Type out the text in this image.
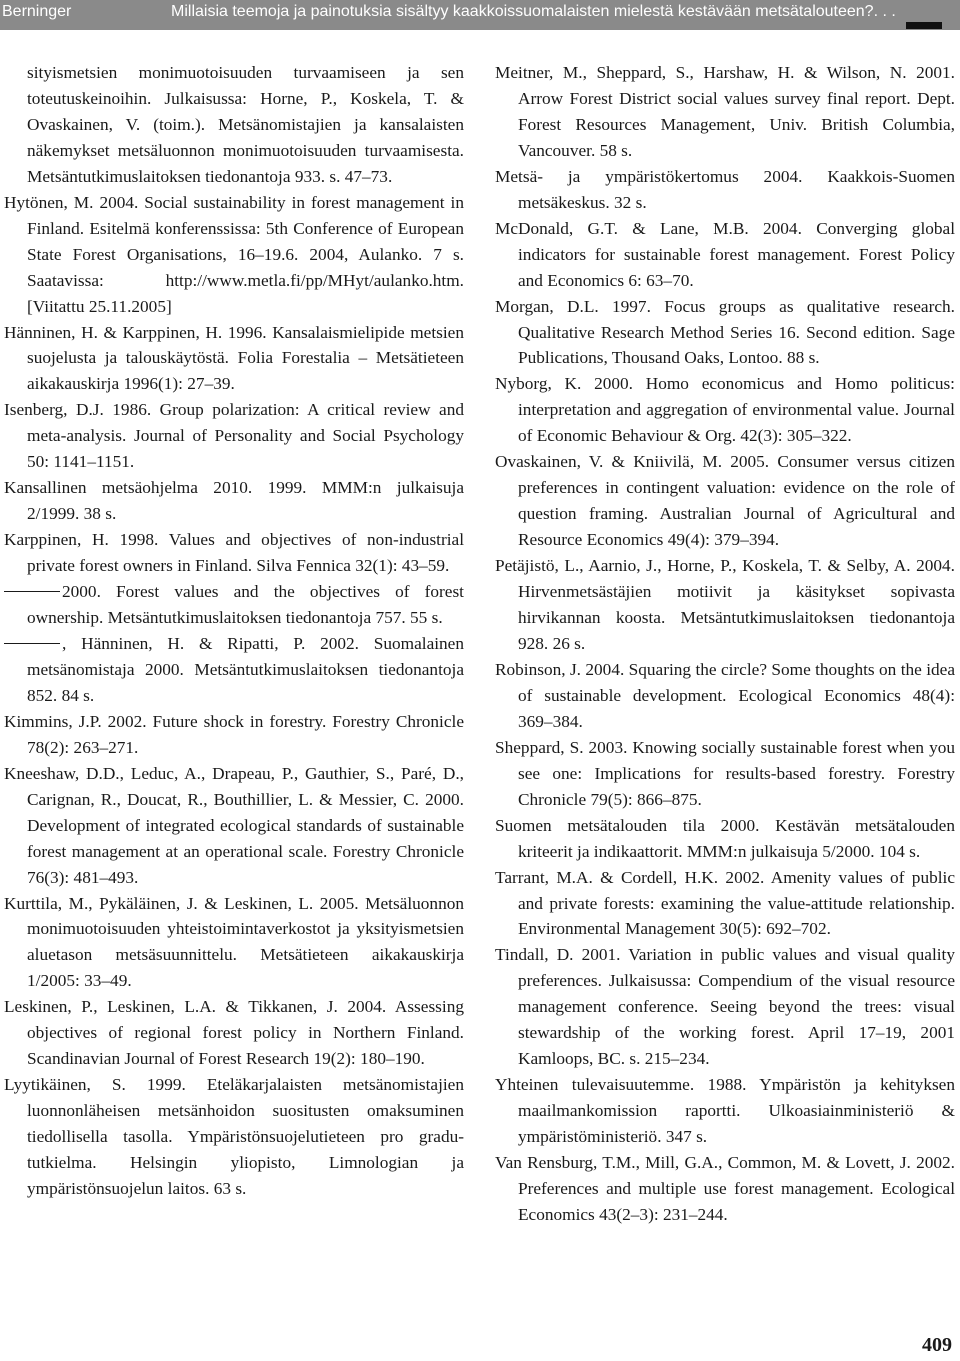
Berninger	Millaisia teemoja ja painotuksia sisältyy kaakkoissuomalaisten mielestä kestävään metsätalouteen?. . .

sityismetsien monimuotoisuuden turvaamiseen ja sen toteutuskeinoihin. Julkaisussa: Horne, P., Koskela, T. & Ovaskainen, V. (toim.). Metsänomistajien ja kansalaisten näkemykset metsäluonnon monimuotoisuuden turvaamisesta. Metsäntutkimuslaitoksen tiedonantoja 933. s. 47–73.

Hytönen, M. 2004. Social sustainability in forest management in Finland. Esitelmä konferenssissa: 5th Conference of European State Forest Organisations, 16–19.6. 2004, Aulanko. 7 s. Saatavissa: http://www.metla.fi/pp/MHyt/aulanko.htm. [Viitattu 25.11.2005]

Hänninen, H. & Karppinen, H. 1996. Kansalaismielipide metsien suojelusta ja talouskäytöstä. Folia Forestalia – Metsätieteen aikakauskirja 1996(1): 27–39.

Isenberg, D.J. 1986. Group polarization: A critical review and meta-analysis. Journal of Personality and Social Psychology 50: 1141–1151.

Kansallinen metsäohjelma 2010. 1999. MMM:n julkaisuja 2/1999. 38 s.

Karppinen, H. 1998. Values and objectives of non-industrial private forest owners in Finland. Silva Fennica 32(1): 43–59.

2000. Forest values and the objectives of forest ownership. Metsäntutkimuslaitoksen tiedonantoja 757. 55 s.

, Hänninen, H. & Ripatti, P. 2002. Suomalainen metsänomistaja 2000. Metsäntutkimuslaitoksen tiedonantoja 852. 84 s.

Kimmins, J.P. 2002. Future shock in forestry. Forestry Chronicle 78(2): 263–271.

Kneeshaw, D.D., Leduc, A., Drapeau, P., Gauthier, S., Paré, D., Carignan, R., Doucat, R., Bouthillier, L. & Messier, C. 2000. Development of integrated ecological standards of sustainable forest management at an operational scale. Forestry Chronicle 76(3): 481–493.

Kurttila, M., Pykäläinen, J. & Leskinen, L. 2005. Metsäluonnon monimuotoisuuden yhteistoimintaverkostot ja yksityismetsien aluetason metsäsuunnittelu. Metsätieteen aikakauskirja 1/2005: 33–49.

Leskinen, P., Leskinen, L.A. & Tikkanen, J. 2004. Assessing objectives of regional forest policy in Northern Finland. Scandinavian Journal of Forest Research 19(2): 180–190.

Lyytikäinen, S. 1999. Eteläkarjalaisten metsänomistajien luonnonläheisen metsänhoidon suositusten omaksuminen tiedollisella tasolla. Ympäristönsuojelutieteen pro gradu-tutkielma. Helsingin yliopisto, Limnologian ja ympäristönsuojelun laitos. 63 s.

Meitner, M., Sheppard, S., Harshaw, H. & Wilson, N. 2001. Arrow Forest District social values survey final report. Dept. Forest Resources Management, Univ. British Columbia, Vancouver. 58 s.

Metsä- ja ympäristökertomus 2004. Kaakkois-Suomen metsäkeskus. 32 s.

McDonald, G.T. & Lane, M.B. 2004. Converging global indicators for sustainable forest management. Forest Policy and Economics 6: 63–70.

Morgan, D.L. 1997. Focus groups as qualitative research. Qualitative Research Method Series 16. Second edition. Sage Publications, Thousand Oaks, Lontoo. 88 s.

Nyborg, K. 2000. Homo economicus and Homo politicus: interpretation and aggregation of environmental value. Journal of Economic Behaviour & Org. 42(3): 305–322.

Ovaskainen, V. & Kniivilä, M. 2005. Consumer versus citizen preferences in contingent valuation: evidence on the role of question framing. Australian Journal of Agricultural and Resource Economics 49(4): 379–394.

Petäjistö, L., Aarnio, J., Horne, P., Koskela, T. & Selby, A. 2004. Hirvenmetsästäjien motiivit ja käsitykset sopivasta hirvikannan koosta. Metsäntutkimuslaitoksen tiedonantoja 928. 26 s.

Robinson, J. 2004. Squaring the circle? Some thoughts on the idea of sustainable development. Ecological Economics 48(4): 369–384.

Sheppard, S. 2003. Knowing socially sustainable forest when you see one: Implications for results-based forestry. Forestry Chronicle 79(5): 866–875.

Suomen metsätalouden tila 2000. Kestävän metsätalouden kriteerit ja indikaattorit. MMM:n julkaisuja 5/2000. 104 s.

Tarrant, M.A. & Cordell, H.K. 2002. Amenity values of public and private forests: examining the value-attitude relationship. Environmental Management 30(5): 692–702.

Tindall, D. 2001. Variation in public values and visual quality preferences. Julkaisussa: Compendium of the visual resource management conference. Seeing beyond the trees: visual stewardship of the working forest. April 17–19, 2001 Kamloops, BC. s. 215–234.

Yhteinen tulevaisuutemme. 1988. Ympäristön ja kehityksen maailmankomission raportti. Ulkoasiainministeriö & ympäristöministeriö. 347 s.

Van Rensburg, T.M., Mill, G.A., Common, M. & Lovett, J. 2002. Preferences and multiple use forest management. Ecological Economics 43(2–3): 231–244.

409
